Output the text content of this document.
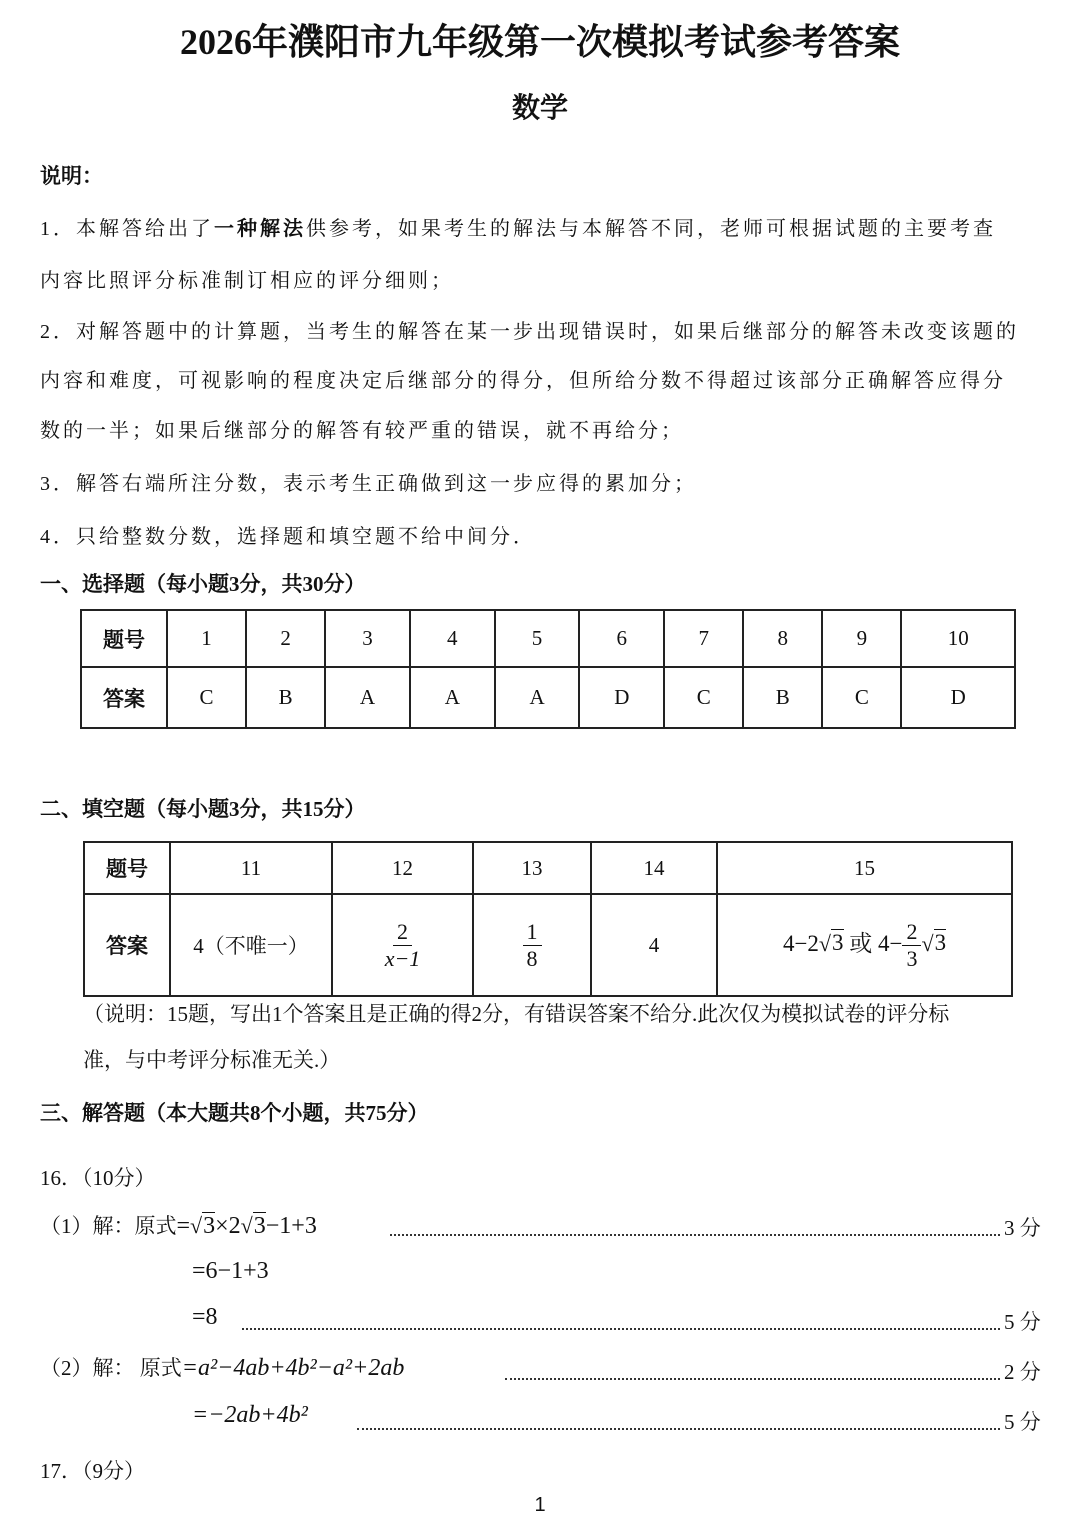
2026年濮阳市九年级第一次模拟考试参考答案
数学
说明：
1．本解答给出了一种解法供参考，如果考生的解法与本解答不同，老师可根据试题的主要考查
内容比照评分标准制订相应的评分细则；
2．对解答题中的计算题，当考生的解答在某一步出现错误时，如果后继部分的解答未改变该题的
内容和难度，可视影响的程度决定后继部分的得分，但所给分数不得超过该部分正确解答应得分
数的一半；如果后继部分的解答有较严重的错误，就不再给分；
3．解答右端所注分数，表示考生正确做到这一步应得的累加分；
4．只给整数分数，选择题和填空题不给中间分．
一、选择题（每小题3分，共30分）
题号	1	2	3	4	5	6	7	8	9	10
答案	C	B	A	A	A	D	C	B	C	D
二、填空题（每小题3分，共15分）
题号	11	12	13	14	15
答案	4（不唯一）	$\frac{2}{x-1}$	$\frac{1}{8}$	4	4−2√3 或 $4- \frac{2}{3} √3$
（说明：15题，写出1个答案且是正确的得2分，有错误答案不给分.此次仅为模拟试卷的评分标
准，与中考评分标准无关.）
三、解答题（本大题共8个小题，共75分）
16．（10分）
（1）解：原式=√3×2√3−1+3	3 分
=6−1+3
=8	5 分
（2）解： 原式=a²−4ab+4b²−a²+2ab	2 分
=−2ab+4b²	5 分
17．（9分）
1
